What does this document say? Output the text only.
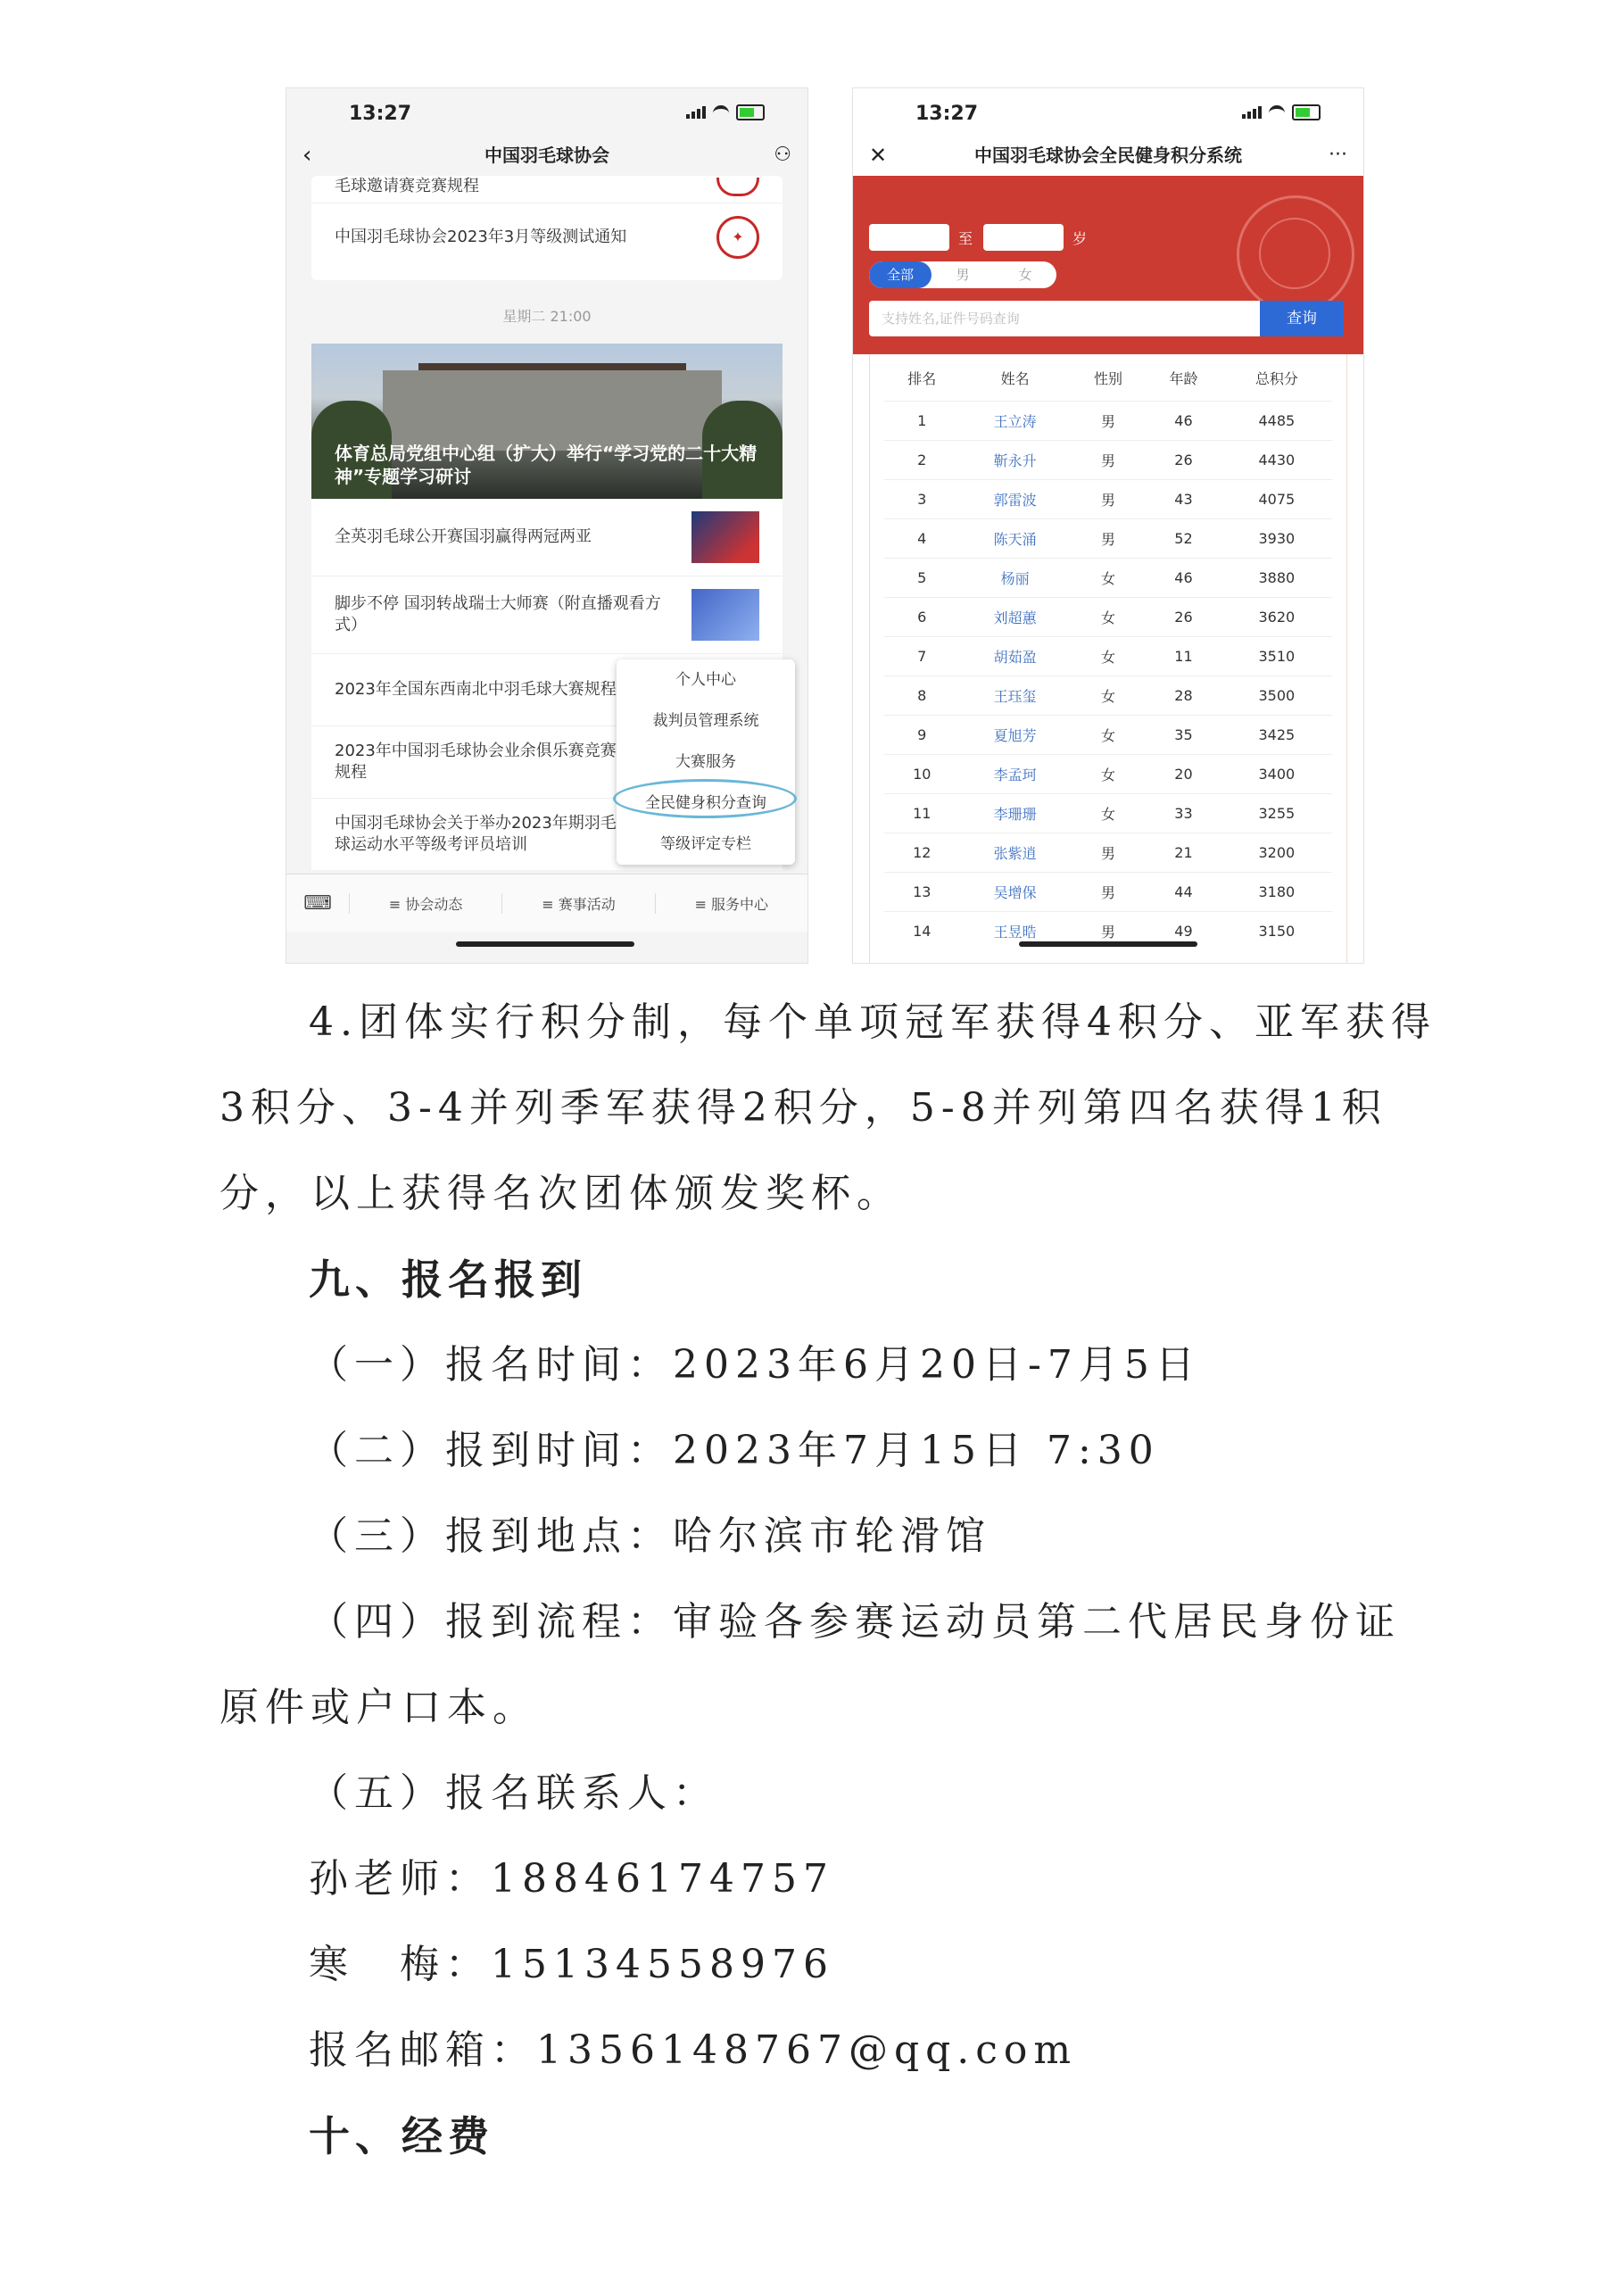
13:27
‹	中国羽毛球协会	⚇
毛球邀请赛竞赛规程
中国羽毛球协会2023年3月等级测试通知	✦
星期二 21:00
体育总局党组中心组（扩大）举行“学习党的二十大精神”专题学习研讨
全英羽毛球公开赛国羽赢得两冠两亚
脚步不停 国羽转战瑞士大师赛（附直播观看方式）
2023年全国东西南北中羽毛球大赛规程
2023年中国羽毛球协会业余俱乐赛竞赛规程
中国羽毛球协会关于举办2023年期羽毛球运动水平等级考评员培训
个人中心
裁判员管理系统
大赛服务
全民健身积分查询
等级评定专栏
⌨	≡ 协会动态	≡ 赛事活动	≡ 服务中心
13:27
✕	中国羽毛球协会全民健身积分系统	···
至	岁
全部	男	女
支持姓名,证件号码查询	查询
排名	姓名	性别	年龄	总积分
1	王立涛	男	46	4485
2	靳永升	男	26	4430
3	郭雷波	男	43	4075
4	陈天涌	男	52	3930
5	杨丽	女	46	3880
6	刘超蕙	女	26	3620
7	胡茹盈	女	11	3510
8	王珏玺	女	28	3500
9	夏旭芳	女	35	3425
10	李孟珂	女	20	3400
11	李珊珊	女	33	3255
12	张紫逍	男	21	3200
13	吴增保	男	44	3180
14	王昱晧	男	49	3150
4.团体实行积分制，每个单项冠军获得4积分、亚军获得3积分、3-4并列季军获得2积分，5-8并列第四名获得1积分，以上获得名次团体颁发奖杯。
九、报名报到
（一）报名时间：2023年6月20日-7月5日
（二）报到时间：2023年7月15日 7:30
（三）报到地点：哈尔滨市轮滑馆
（四）报到流程：审验各参赛运动员第二代居民身份证原件或户口本。
（五）报名联系人：
孙老师：18846174757
寒　梅：15134558976
报名邮箱：1356148767@qq.com
十、经费
